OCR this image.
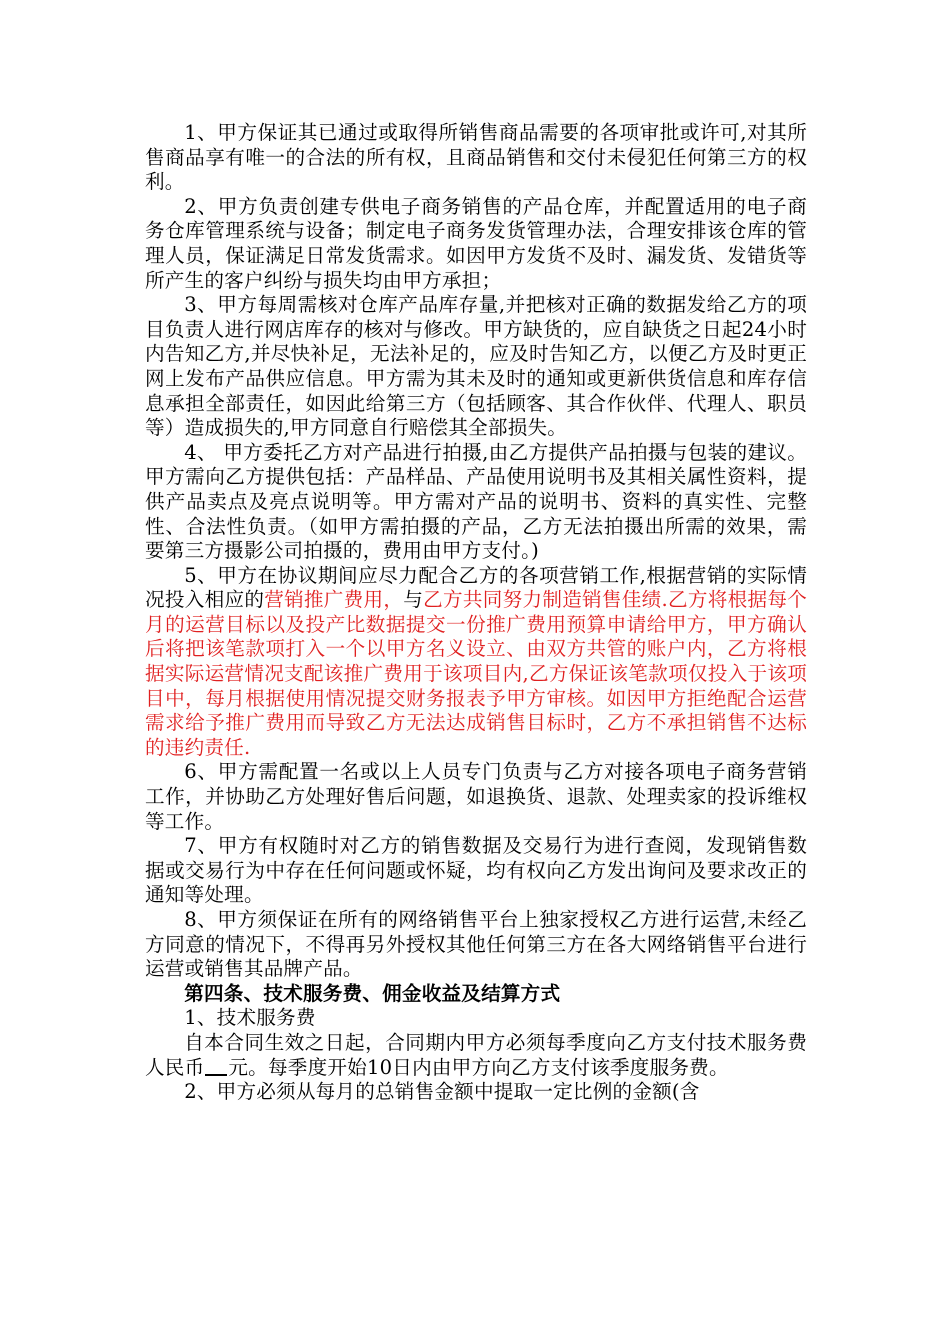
1、甲方保证其已通过或取得所销售商品需要的各项审批或许可,对其所售商品享有唯一的合法的所有权，且商品销售和交付未侵犯任何第三方的权利。

2、甲方负责创建专供电子商务销售的产品仓库，并配置适用的电子商务仓库管理系统与设备；制定电子商务发货管理办法，合理安排该仓库的管理人员，保证满足日常发货需求。如因甲方发货不及时、漏发货、发错货等所产生的客户纠纷与损失均由甲方承担；

3、甲方每周需核对仓库产品库存量,并把核对正确的数据发给乙方的项目负责人进行网店库存的核对与修改。甲方缺货的，应自缺货之日起24小时内告知乙方,并尽快补足，无法补足的，应及时告知乙方，以便乙方及时更正网上发布产品供应信息。甲方需为其未及时的通知或更新供货信息和库存信息承担全部责任，如因此给第三方（包括顾客、其合作伙伴、代理人、职员等）造成损失的,甲方同意自行赔偿其全部损失。

4、 甲方委托乙方对产品进行拍摄,由乙方提供产品拍摄与包装的建议。甲方需向乙方提供包括：产品样品、产品使用说明书及其相关属性资料，提供产品卖点及亮点说明等。甲方需对产品的说明书、资料的真实性、完整性、合法性负责。（如甲方需拍摄的产品，乙方无法拍摄出所需的效果，需要第三方摄影公司拍摄的，费用由甲方支付。)

5、甲方在协议期间应尽力配合乙方的各项营销工作,根据营销的实际情况投入相应的营销推广费用，与乙方共同努力制造销售佳绩.乙方将根据每个月的运营目标以及投产比数据提交一份推广费用预算申请给甲方，甲方确认后将把该笔款项打入一个以甲方名义设立、由双方共管的账户内，乙方将根据实际运营情况支配该推广费用于该项目内,乙方保证该笔款项仅投入于该项目中，每月根据使用情况提交财务报表予甲方审核。如因甲方拒绝配合运营需求给予推广费用而导致乙方无法达成销售目标时，乙方不承担销售不达标的违约责任.

6、甲方需配置一名或以上人员专门负责与乙方对接各项电子商务营销工作，并协助乙方处理好售后问题，如退换货、退款、处理卖家的投诉维权等工作。

7、甲方有权随时对乙方的销售数据及交易行为进行查阅，发现销售数据或交易行为中存在任何问题或怀疑，均有权向乙方发出询问及要求改正的通知等处理。

8、甲方须保证在所有的网络销售平台上独家授权乙方进行运营,未经乙方同意的情况下，不得再另外授权其他任何第三方在各大网络销售平台进行运营或销售其品牌产品。

第四条、技术服务费、佣金收益及结算方式

1、技术服务费

自本合同生效之日起，合同期内甲方必须每季度向乙方支付技术服务费人民币 元。每季度开始10日内由甲方向乙方支付该季度服务费。

2、甲方必须从每月的总销售金额中提取一定比例的金额(含
